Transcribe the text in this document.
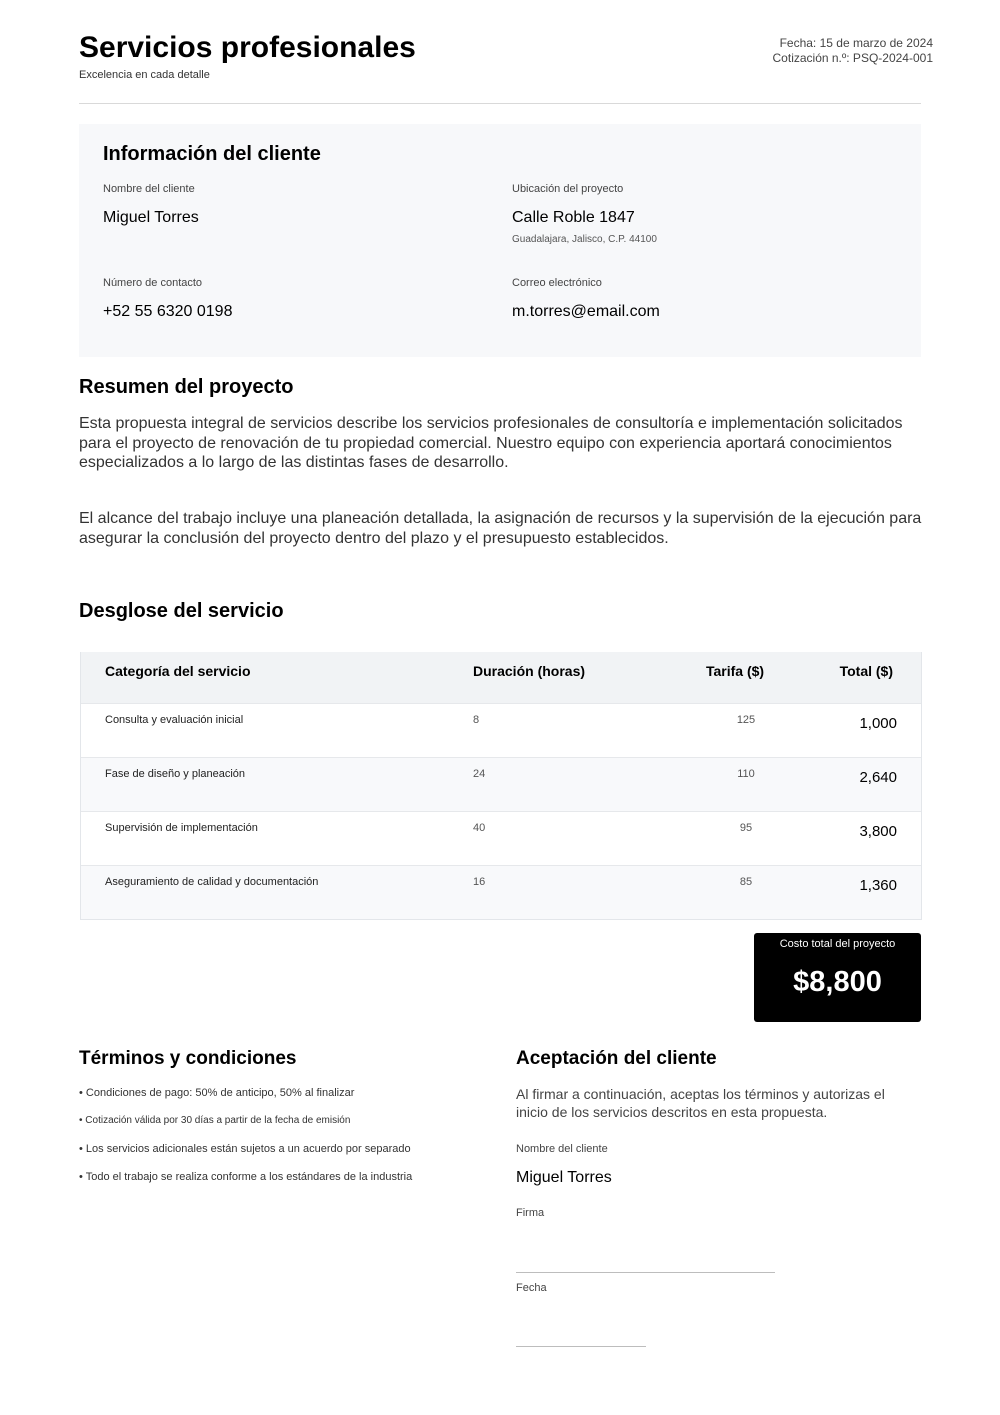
Servicios profesionales
Excelencia en cada detalle
Fecha: 15 de marzo de 2024
Cotización n.º: PSQ-2024-001
Información del cliente
Nombre del cliente
Miguel Torres
Ubicación del proyecto
Calle Roble 1847
Guadalajara, Jalisco, C.P. 44100
Número de contacto
+52 55 6320 0198
Correo electrónico
m.torres@email.com
Resumen del proyecto

Esta propuesta integral de servicios describe los servicios profesionales de consultoría e implementación solicitados para el proyecto de renovación de tu propiedad comercial. Nuestro equipo con experiencia aportará conocimientos especializados a lo largo de las distintas fases de desarrollo.

El alcance del trabajo incluye una planeación detallada, la asignación de recursos y la supervisión de la ejecución para asegurar la conclusión del proyecto dentro del plazo y el presupuesto establecidos.

Desglose del servicio
Categoría del servicio	Duración (horas)	Tarifa ($)	Total ($)
Consulta y evaluación inicial	8	125	1,000
Fase de diseño y planeación	24	110	2,640
Supervisión de implementación	40	95	3,800
Aseguramiento de calidad y documentación	16	85	1,360
Costo total del proyecto
$8,800
Términos y condiciones
• Condiciones de pago: 50% de anticipo, 50% al finalizar
• Cotización válida por 30 días a partir de la fecha de emisión
• Los servicios adicionales están sujetos a un acuerdo por separado
• Todo el trabajo se realiza conforme a los estándares de la industria
Aceptación del cliente
Al firmar a continuación, aceptas los términos y autorizas el inicio de los servicios descritos en esta propuesta.
Nombre del cliente
Miguel Torres
Firma
Fecha
